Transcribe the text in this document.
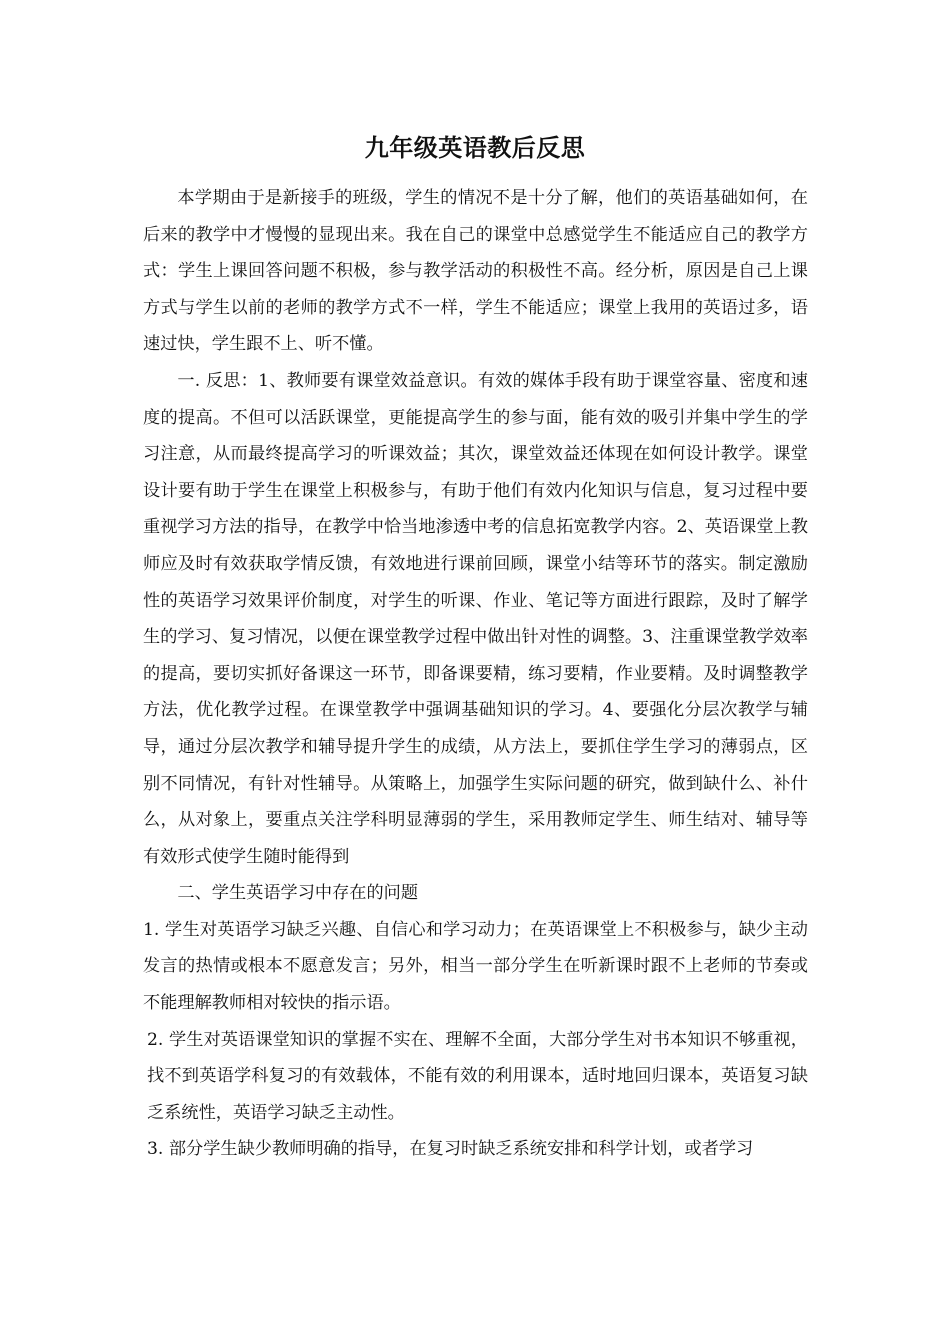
九年级英语教后反思

本学期由于是新接手的班级，学生的情况不是十分了解，他们的英语基础如何，在后来的教学中才慢慢的显现出来。我在自己的课堂中总感觉学生不能适应自己的教学方式：学生上课回答问题不积极，参与教学活动的积极性不高。经分析，原因是自己上课方式与学生以前的老师的教学方式不一样，学生不能适应；课堂上我用的英语过多，语速过快，学生跟不上、听不懂。

一. 反思：1、教师要有课堂效益意识。有效的媒体手段有助于课堂容量、密度和速度的提高。不但可以活跃课堂，更能提高学生的参与面，能有效的吸引并集中学生的学习注意，从而最终提高学习的听课效益；其次，课堂效益还体现在如何设计教学。课堂设计要有助于学生在课堂上积极参与，有助于他们有效内化知识与信息，复习过程中要重视学习方法的指导，在教学中恰当地渗透中考的信息拓宽教学内容。2、英语课堂上教师应及时有效获取学情反馈，有效地进行课前回顾，课堂小结等环节的落实。制定激励性的英语学习效果评价制度，对学生的听课、作业、笔记等方面进行跟踪，及时了解学生的学习、复习情况，以便在课堂教学过程中做出针对性的调整。3、注重课堂教学效率的提高，要切实抓好备课这一环节，即备课要精，练习要精，作业要精。及时调整教学方法，优化教学过程。在课堂教学中强调基础知识的学习。4、要强化分层次教学与辅导，通过分层次教学和辅导提升学生的成绩，从方法上，要抓住学生学习的薄弱点，区别不同情况，有针对性辅导。从策略上，加强学生实际问题的研究，做到缺什么、补什么，从对象上，要重点关注学科明显薄弱的学生，采用教师定学生、师生结对、辅导等有效形式使学生随时能得到

二、学生英语学习中存在的问题

1. 学生对英语学习缺乏兴趣、自信心和学习动力；在英语课堂上不积极参与，缺少主动发言的热情或根本不愿意发言；另外，相当一部分学生在听新课时跟不上老师的节奏或不能理解教师相对较快的指示语。

2. 学生对英语课堂知识的掌握不实在、理解不全面，大部分学生对书本知识不够重视，找不到英语学科复习的有效载体，不能有效的利用课本，适时地回归课本，英语复习缺乏系统性，英语学习缺乏主动性。

3. 部分学生缺少教师明确的指导，在复习时缺乏系统安排和科学计划，或者学习
